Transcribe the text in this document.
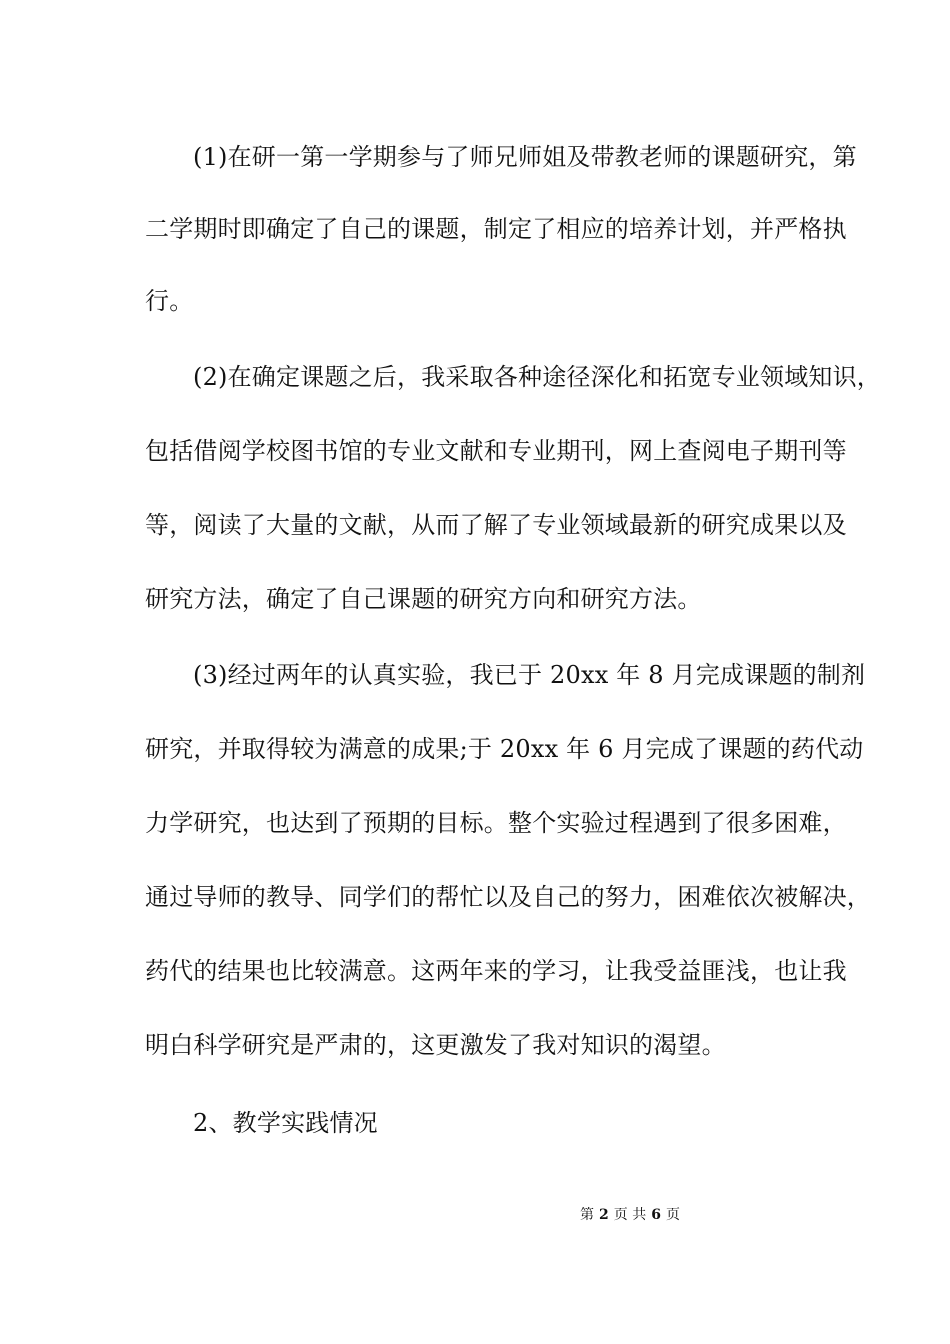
(1)在研一第一学期参与了师兄师姐及带教老师的课题研究，第
二学期时即确定了自己的课题，制定了相应的培养计划，并严格执
行。
(2)在确定课题之后，我采取各种途径深化和拓宽专业领域知识，
包括借阅学校图书馆的专业文献和专业期刊，网上查阅电子期刊等
等，阅读了大量的文献，从而了解了专业领域最新的研究成果以及
研究方法，确定了自己课题的研究方向和研究方法。
(3)经过两年的认真实验，我已于 20xx 年 8 月完成课题的制剂
研究，并取得较为满意的成果;于 20xx 年 6 月完成了课题的药代动
力学研究，也达到了预期的目标。整个实验过程遇到了很多困难，
通过导师的教导、同学们的帮忙以及自己的努力，困难依次被解决，
药代的结果也比较满意。这两年来的学习，让我受益匪浅，也让我
明白科学研究是严肃的，这更激发了我对知识的渴望。
2、教学实践情况
第 2 页 共 6 页
